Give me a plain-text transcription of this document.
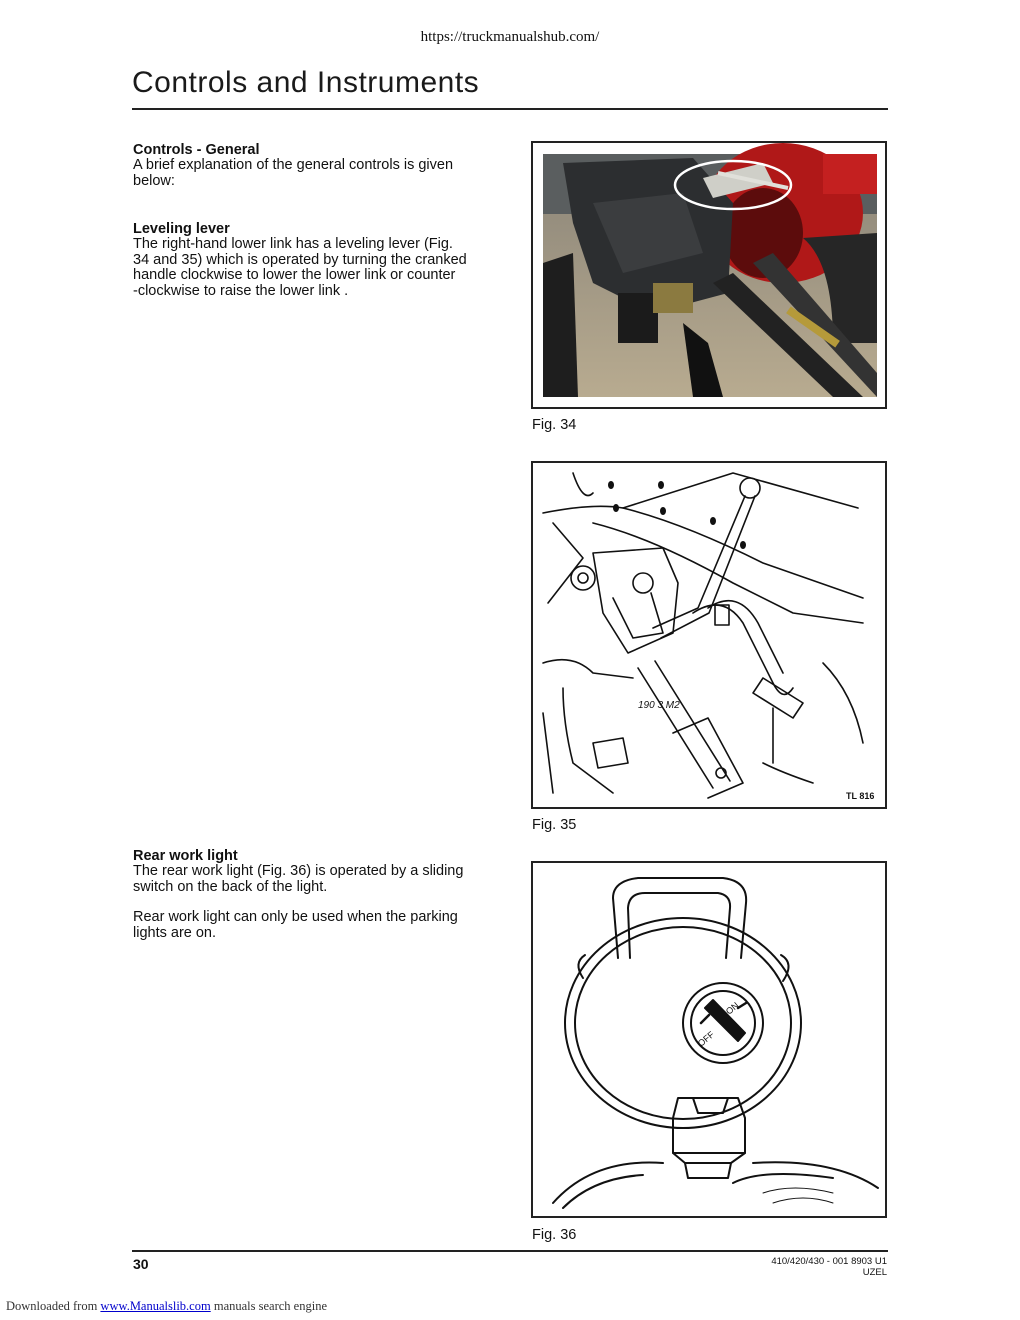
https://truckmanualshub.com/
Controls and Instruments
Controls - General

A brief explanation of the general controls is given

below:

Leveling lever

The right-hand lower link has a leveling lever (Fig.

34 and 35) which is operated by turning the cranked

handle clockwise to lower the lower link or counter

-clockwise to raise the lower link .

Rear work light

The rear work light (Fig. 36) is operated by a sliding

switch on the back of the light.

Rear work light can only be used when the parking

lights are on.

Fig. 34
190 3 M2
TL 816
Fig. 35
ON
OFF
Fig. 36
30	410/420/430 - 001 8903 U1
UZEL
Downloaded from www.Manualslib.com manuals search engine
